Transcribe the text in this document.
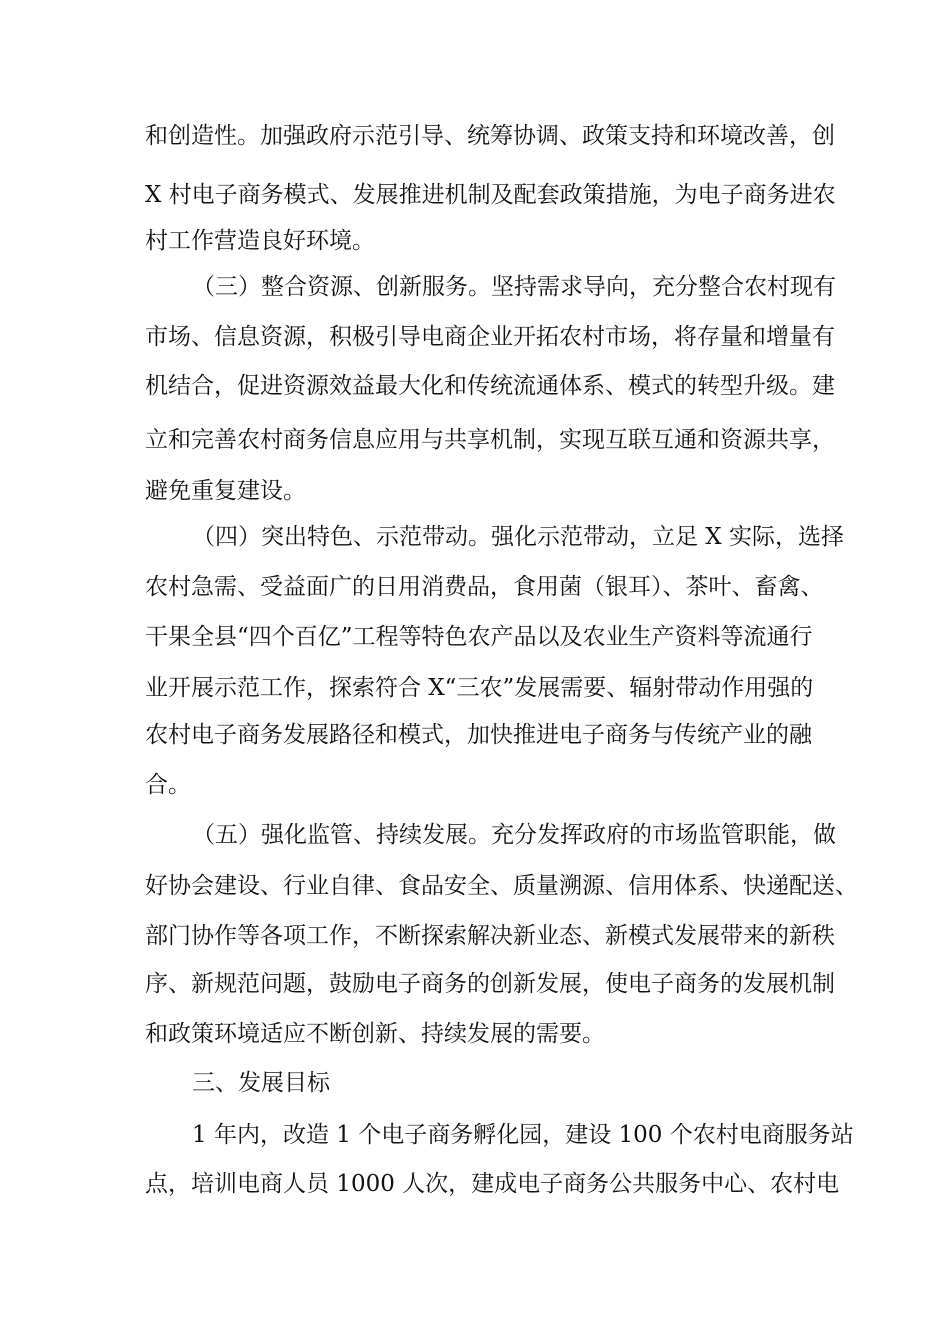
和创造性。加强政府示范引导、统筹协调、政策支持和环境改善，创

X 村电子商务模式、发展推进机制及配套政策措施，为电子商务进农

村工作营造良好环境。

（三）整合资源、创新服务。坚持需求导向，充分整合农村现有

市场、信息资源，积极引导电商企业开拓农村市场，将存量和增量有

机结合，促进资源效益最大化和传统流通体系、模式的转型升级。建

立和完善农村商务信息应用与共享机制，实现互联互通和资源共享，

避免重复建设。

（四）突出特色、示范带动。强化示范带动，立足 X 实际，选择

农村急需、受益面广的日用消费品，食用菌（银耳）、茶叶、畜禽、

干果全县“四个百亿”工程等特色农产品以及农业生产资料等流通行

业开展示范工作，探索符合 X“三农”发展需要、辐射带动作用强的

农村电子商务发展路径和模式，加快推进电子商务与传统产业的融

合。

（五）强化监管、持续发展。充分发挥政府的市场监管职能，做

好协会建设、行业自律、食品安全、质量溯源、信用体系、快递配送、

部门协作等各项工作，不断探索解决新业态、新模式发展带来的新秩

序、新规范问题，鼓励电子商务的创新发展，使电子商务的发展机制

和政策环境适应不断创新、持续发展的需要。

三、发展目标

1 年内，改造 1 个电子商务孵化园，建设 100 个农村电商服务站

点，培训电商人员 1000 人次，建成电子商务公共服务中心、农村电
